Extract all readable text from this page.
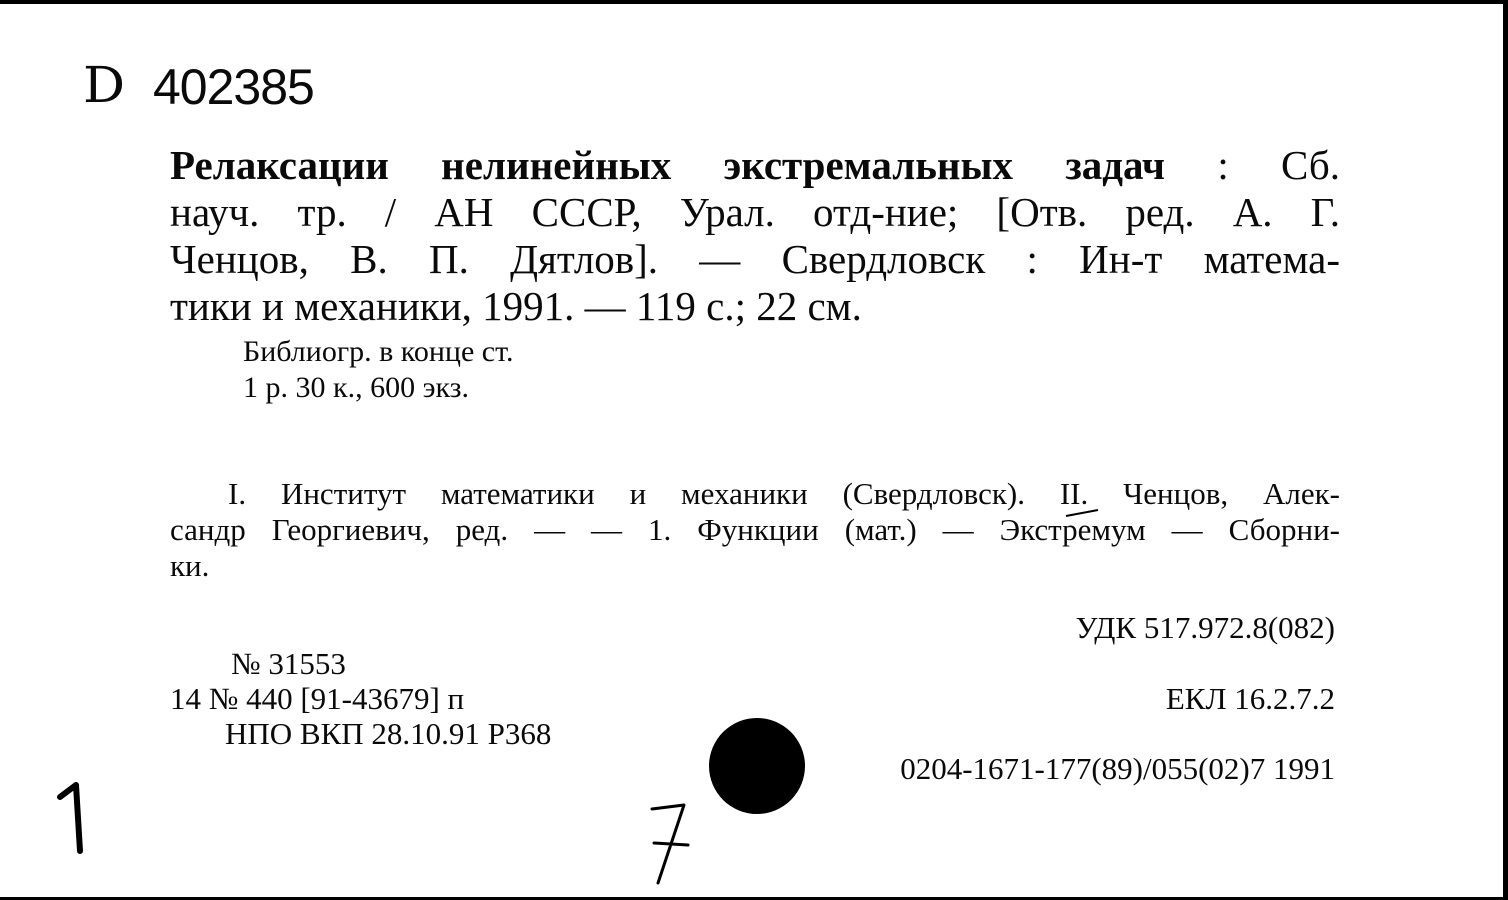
D 402385
Релаксации нелинейных экстремальных задач : Сб.
науч. тр. / АН СССР, Урал. отд-ние; [Отв. ред. А. Г.
Ченцов, В. П. Дятлов]. — Свердловск : Ин-т матема-
тики и механики, 1991. — 119 с.; 22 см.
Библиогр. в конце ст.
1 р. 30 к., 600 экз.
I. Институт математики и механики (Свердловск). II. Ченцов, Алек-
сандр Георгиевич, ред. — — 1. Функции (мат.) — Экстремум — Сборни-
ки.
УДК 517.972.8(082)
ЕКЛ 16.2.7.2
0204-1671-177(89)/055(02)7 1991
№ 31553
14 № 440 [91-43679] п
НПО ВКП 28.10.91 Р368
